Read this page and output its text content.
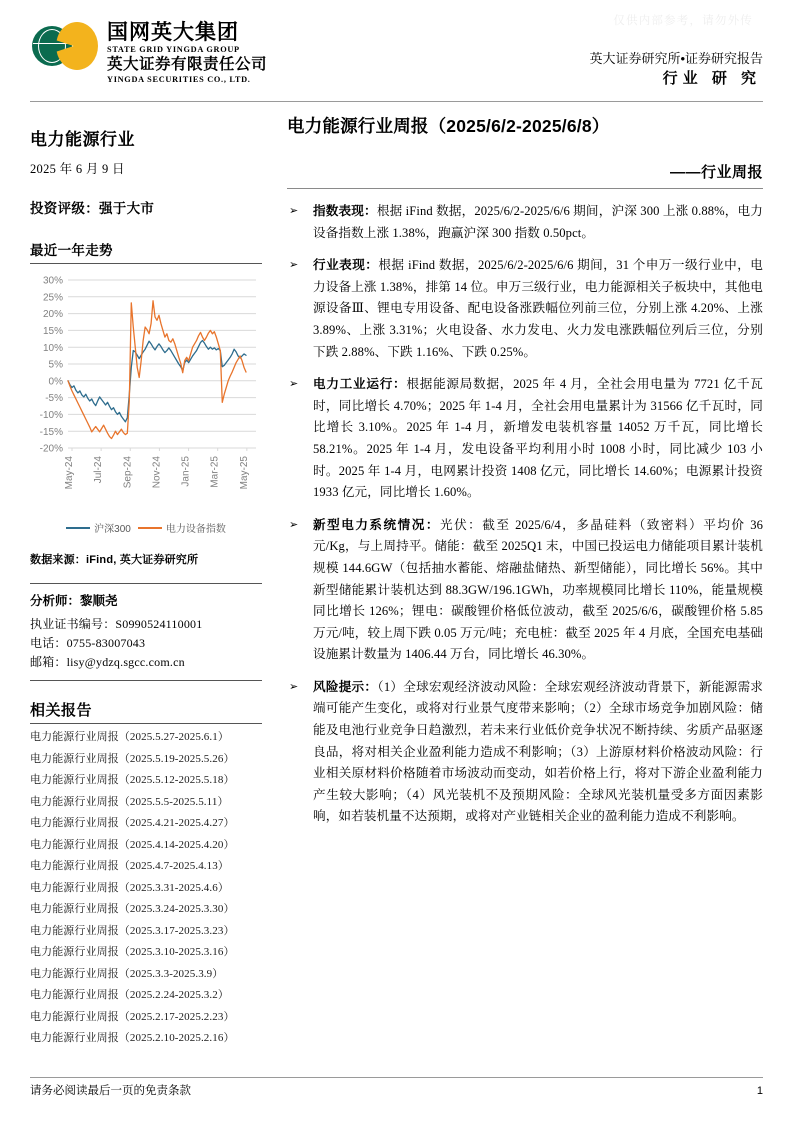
仅供内部参考，请勿外传
国网英大集团
STATE GRID YINGDA GROUP
英大证券有限责任公司
YINGDA SECURITIES CO., LTD.
英大证券研究所•证券研究报告
行业 研 究
电力能源行业
2025 年 6 月 9 日
投资评级：强于大市
最近一年走势
30%
25%
20%
15%
10%
5%
0%
-5%
-10%
-15%
-20%
May-24 Jul-24 Sep-24 Nov-24 Jan-25 Mar-25 May-25
沪深300	电力设备指数
数据来源：iFind, 英大证券研究所
分析师：黎顺尧
执业证书编号：S0990524110001
电话：0755-83007043
邮箱：lisy@ydzq.sgcc.com.cn
相关报告
电力能源行业周报（2025.5.27-2025.6.1）
电力能源行业周报（2025.5.19-2025.5.26）
电力能源行业周报（2025.5.12-2025.5.18）
电力能源行业周报（2025.5.5-2025.5.11）
电力能源行业周报（2025.4.21-2025.4.27）
电力能源行业周报（2025.4.14-2025.4.20）
电力能源行业周报（2025.4.7-2025.4.13）
电力能源行业周报（2025.3.31-2025.4.6）
电力能源行业周报（2025.3.24-2025.3.30）
电力能源行业周报（2025.3.17-2025.3.23）
电力能源行业周报（2025.3.10-2025.3.16）
电力能源行业周报（2025.3.3-2025.3.9）
电力能源行业周报（2025.2.24-2025.3.2）
电力能源行业周报（2025.2.17-2025.2.23）
电力能源行业周报（2025.2.10-2025.2.16）
电力能源行业周报（2025/6/2-2025/6/8）
——行业周报
➢	指数表现：根据 iFind 数据，2025/6/2-2025/6/6 期间，沪深 300 上涨 0.88%，电力设备指数上涨 1.38%，跑赢沪深 300 指数 0.50pct。
➢	行业表现：根据 iFind 数据，2025/6/2-2025/6/6 期间，31 个申万一级行业中，电力设备上涨 1.38%，排第 14 位。申万三级行业，电力能源相关子板块中，其他电源设备Ⅲ、锂电专用设备、配电设备涨跌幅位列前三位，分别上涨 4.20%、上涨 3.89%、上涨 3.31%；火电设备、水力发电、火力发电涨跌幅位列后三位，分别下跌 2.88%、下跌 1.16%、下跌 0.25%。
➢	电力工业运行：根据能源局数据，2025 年 4 月，全社会用电量为 7721 亿千瓦时，同比增长 4.70%；2025 年 1-4 月，全社会用电量累计为 31566 亿千瓦时，同比增长 3.10%。2025 年 1-4 月，新增发电装机容量 14052 万千瓦，同比增长 58.21%。2025 年 1-4 月，发电设备平均利用小时 1008 小时，同比减少 103 小时。2025 年 1-4 月，电网累计投资 1408 亿元，同比增长 14.60%；电源累计投资 1933 亿元，同比增长 1.60%。
➢	新型电力系统情况：光伏：截至 2025/6/4，多晶硅料（致密料）平均价 36 元/Kg，与上周持平。储能：截至 2025Q1 末，中国已投运电力储能项目累计装机规模 144.6GW（包括抽水蓄能、熔融盐储热、新型储能），同比增长 56%。其中新型储能累计装机达到 88.3GW/196.1GWh，功率规模同比增长 110%，能量规模同比增长 126%；锂电：碳酸锂价格低位波动，截至 2025/6/6，碳酸锂价格 5.85 万元/吨，较上周下跌 0.05 万元/吨；充电桩：截至 2025 年 4 月底，全国充电基础设施累计数量为 1406.44 万台，同比增长 46.30%。
➢	风险提示：（1）全球宏观经济波动风险：全球宏观经济波动背景下，新能源需求端可能产生变化，或将对行业景气度带来影响；（2）全球市场竞争加剧风险：储能及电池行业竞争日趋激烈，若未来行业低价竞争状况不断持续、劣质产品驱逐良品，将对相关企业盈利能力造成不利影响；（3）上游原材料价格波动风险：行业相关原材料价格随着市场波动而变动，如若价格上行，将对下游企业盈利能力产生较大影响；（4）风光装机不及预期风险：全球风光装机量受多方面因素影响，如若装机量不达预期，或将对产业链相关企业的盈利能力造成不利影响。
请务必阅读最后一页的免责条款	1
